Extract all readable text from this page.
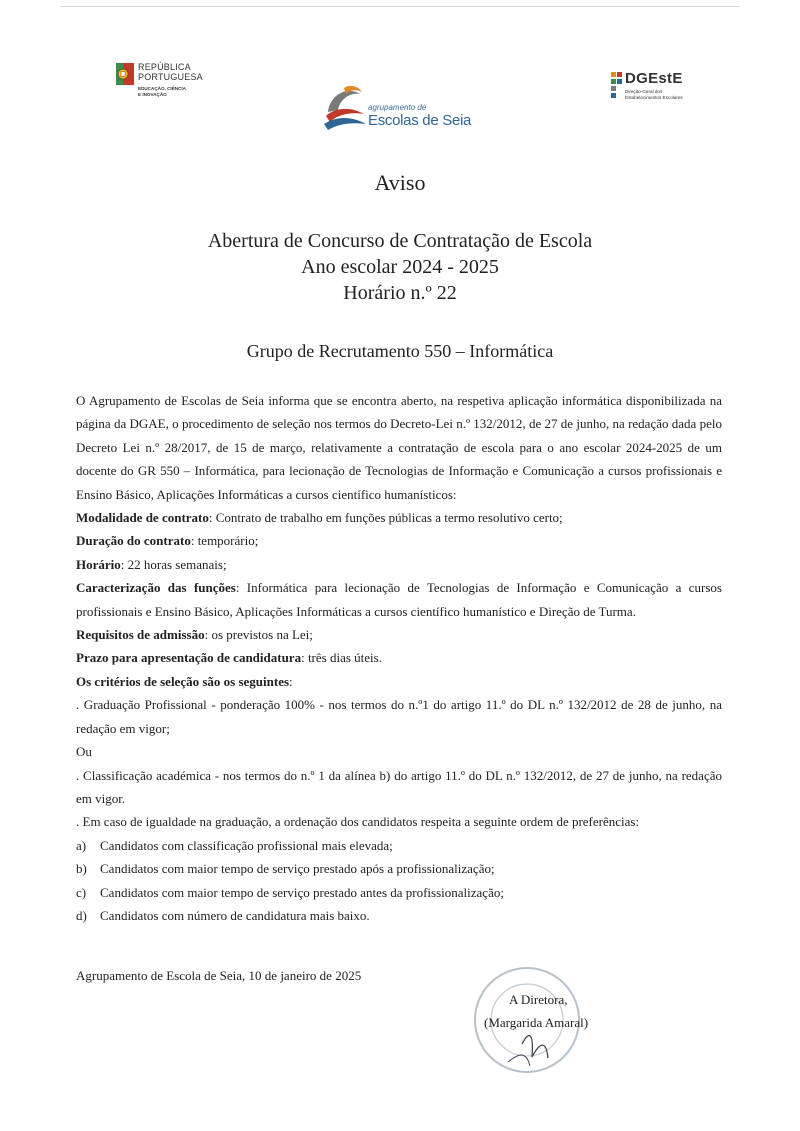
REPÚBLICA
PORTUGUESA
EDUCAÇÃO, CIÊNCIA
E INOVAÇÃO
agrupamento de
Escolas de Seia
DGEstE
Direção-Geral dos
Estabelecimentos Escolares
Aviso
Abertura de Concurso de Contratação de Escola
Ano escolar 2024 - 2025
Horário n.º 22
Grupo de Recrutamento 550 – Informática

O Agrupamento de Escolas de Seia informa que se encontra aberto, na respetiva aplicação informática disponibilizada na página da DGAE, o procedimento de seleção nos termos do Decreto-Lei n.º 132/2012, de 27 de junho, na redação dada pelo Decreto Lei n.º 28/2017, de 15 de março, relativamente a contratação de escola para o ano escolar 2024-2025 de um docente do GR 550 – Informática, para lecionação de Tecnologias de Informação e Comunicação a cursos profissionais e Ensino Básico, Aplicações Informáticas a cursos científico humanísticos:

Modalidade de contrato: Contrato de trabalho em funções públicas a termo resolutivo certo;

Duração do contrato: temporário;

Horário: 22 horas semanais;

Caracterização das funções: Informática para lecionação de Tecnologias de Informação e Comunicação a cursos profissionais e Ensino Básico, Aplicações Informáticas a cursos científico humanístico e Direção de Turma.

Requisitos de admissão: os previstos na Lei;

Prazo para apresentação de candidatura: três dias úteis.

Os critérios de seleção são os seguintes:

. Graduação Profissional - ponderação 100% - nos termos do n.º1 do artigo 11.º do DL n.º 132/2012 de 28 de junho, na redação em vigor;

Ou

. Classificação académica - nos termos do n.º 1 da alínea b) do artigo 11.º do DL n.º 132/2012, de 27 de junho, na redação em vigor.

. Em caso de igualdade na graduação, a ordenação dos candidatos respeita a seguinte ordem de preferências:

a)	Candidatos com classificação profissional mais elevada;
b)	Candidatos com maior tempo de serviço prestado após a profissionalização;
c)	Candidatos com maior tempo de serviço prestado antes da profissionalização;
d)	Candidatos com número de candidatura mais baixo.
Agrupamento de Escola de Seia, 10 de janeiro de 2025
A Diretora,
(Margarida Amaral)
